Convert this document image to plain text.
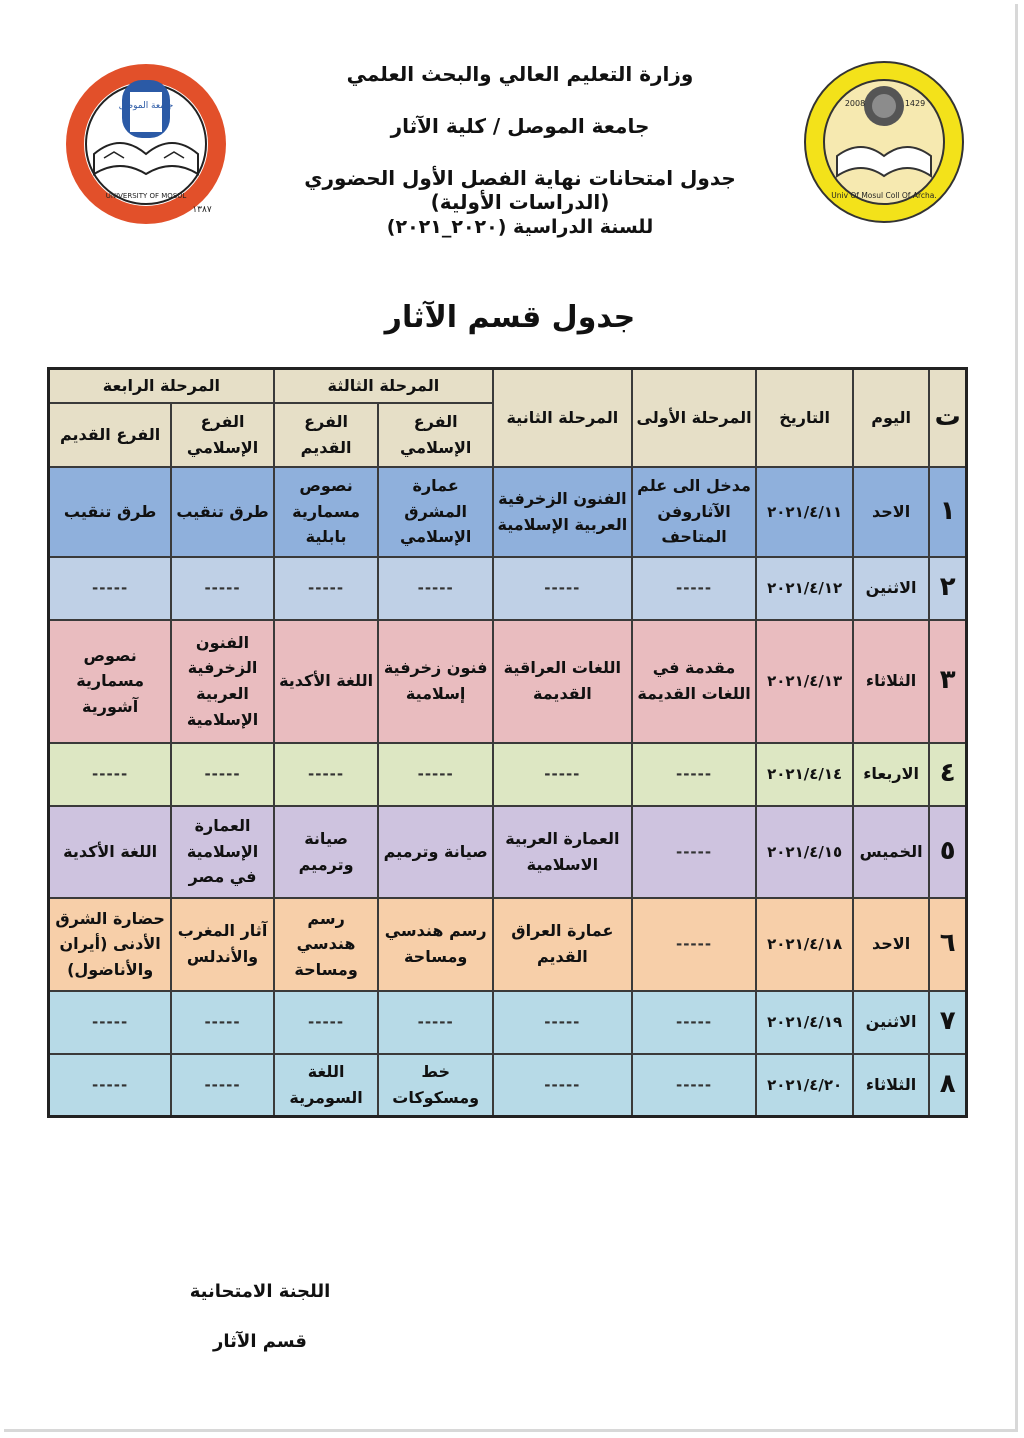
جامعة الموصل
UNIVERSITY OF MOSUL
١٣٨٧
2008	1429
Univ Of Mosul Coll Of Archa.
وزارة التعليم العالي والبحث العلمي
جامعة الموصل / كلية الآثار
جدول امتحانات نهاية الفصل الأول الحضوري (الدراسات الأولية)
للسنة الدراسية (٢٠٢٠_٢٠٢١)
جدول قسم الآثار
ت	اليوم	التاريخ	المرحلة الأولى	المرحلة الثانية	المرحلة الثالثة		المرحلة الرابعة	
					الفرع الإسلامي	الفرع القديم	الفرع الإسلامي	الفرع القديم
١	الاحد	٢٠٢١/٤/١١	مدخل الى علم الآثاروفن المتاحف	الفنون الزخرفية العربية الإسلامية	عمارة المشرق الإسلامي	نصوص مسمارية بابلية	طرق تنقيب	طرق تنقيب
٢	الاثنين	٢٠٢١/٤/١٢	-----	-----	-----	-----	-----	-----
٣	الثلاثاء	٢٠٢١/٤/١٣	مقدمة في اللغات القديمة	اللغات العراقية القديمة	فنون زخرفية إسلامية	اللغة الأكدية	الفنون الزخرفية العربية الإسلامية	نصوص مسمارية آشورية
٤	الاربعاء	٢٠٢١/٤/١٤	-----	-----	-----	-----	-----	-----
٥	الخميس	٢٠٢١/٤/١٥	-----	العمارة العربية الاسلامية	صيانة وترميم	صيانة وترميم	العمارة الإسلامية في مصر	اللغة الأكدية
٦	الاحد	٢٠٢١/٤/١٨	-----	عمارة العراق القديم	رسم هندسي ومساحة	رسم هندسي ومساحة	آثار المغرب والأندلس	حضارة الشرق الأدنى (أيران والأناضول)
٧	الاثنين	٢٠٢١/٤/١٩	-----	-----	-----	-----	-----	-----
٨	الثلاثاء	٢٠٢١/٤/٢٠	-----	-----	خط ومسكوكات	اللغة السومرية	-----	-----
اللجنة الامتحانية
قسم الآثار
